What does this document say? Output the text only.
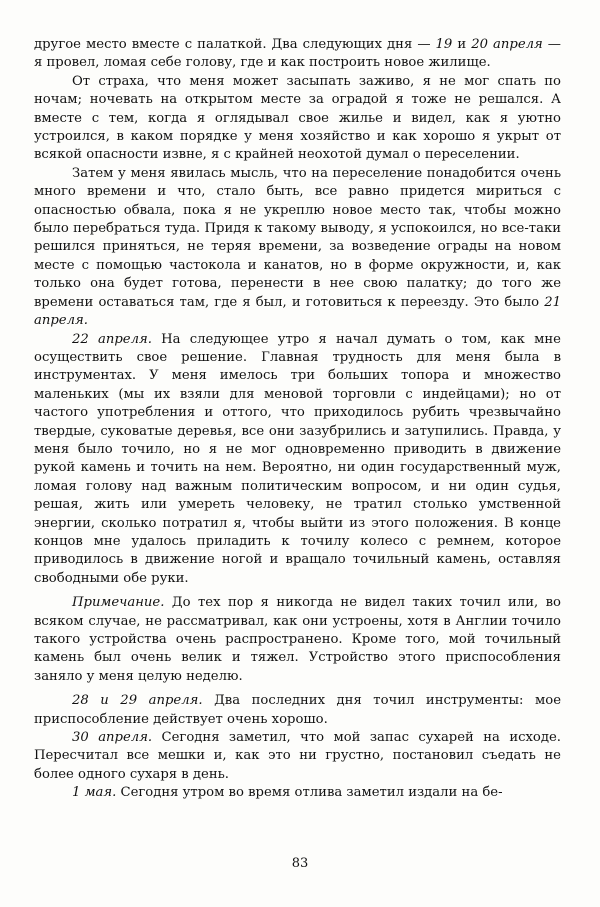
другое место вместе с палаткой. Два следующих дня — 19 и 20 апреля — я провел, ломая себе голову, где и как построить новое жилище.

От страха, что меня может засыпать заживо, я не мог спать по ночам; ночевать на открытом месте за оградой я тоже не решался. А вместе с тем, когда я оглядывал свое жилье и видел, как я уютно устроился, в каком порядке у меня хозяйство и как хорошо я укрыт от всякой опасности извне, я с крайней неохотой думал о переселении.

Затем у меня явилась мысль, что на переселение понадобится очень много времени и что, стало быть, все равно придется мириться с опасностью обвала, пока я не укреплю новое место так, чтобы можно было перебраться туда. Придя к такому выводу, я успокоился, но все-таки решился приняться, не теряя времени, за возведение ограды на новом месте с помощью частокола и канатов, но в форме окружности, и, как только она будет готова, перенести в нее свою палатку; до того же времени оставаться там, где я был, и готовиться к переезду. Это было 21 апреля.

22 апреля. На следующее утро я начал думать о том, как мне осуществить свое решение. Главная трудность для меня была в инструментах. У меня имелось три больших топора и множество маленьких (мы их взяли для меновой торговли с индейцами); но от частого употребления и оттого, что приходилось рубить чрезвычайно твердые, суковатые деревья, все они зазубрились и затупились. Правда, у меня было точило, но я не мог одновременно приводить в движение рукой камень и точить на нем. Вероятно, ни один государственный муж, ломая голову над важным политическим вопросом, и ни один судья, решая, жить или умереть человеку, не тратил столько умственной энергии, сколько потратил я, чтобы выйти из этого положения. В конце концов мне удалось приладить к точилу колесо с ремнем, которое приводилось в движение ногой и вращало точильный камень, оставляя свободными обе руки.

Примечание. До тех пор я никогда не видел таких точил или, во всяком случае, не рассматривал, как они устроены, хотя в Англии точило такого устройства очень распространено. Кроме того, мой точильный камень был очень велик и тяжел. Устройство этого приспособления заняло у меня целую неделю.

28 и 29 апреля. Два последних дня точил инструменты: мое приспособление действует очень хорошо.

30 апреля. Сегодня заметил, что мой запас сухарей на исходе. Пересчитал все мешки и, как это ни грустно, постановил съедать не более одного сухаря в день.

1 мая. Сегодня утром во время отлива заметил издали на бе-

83
